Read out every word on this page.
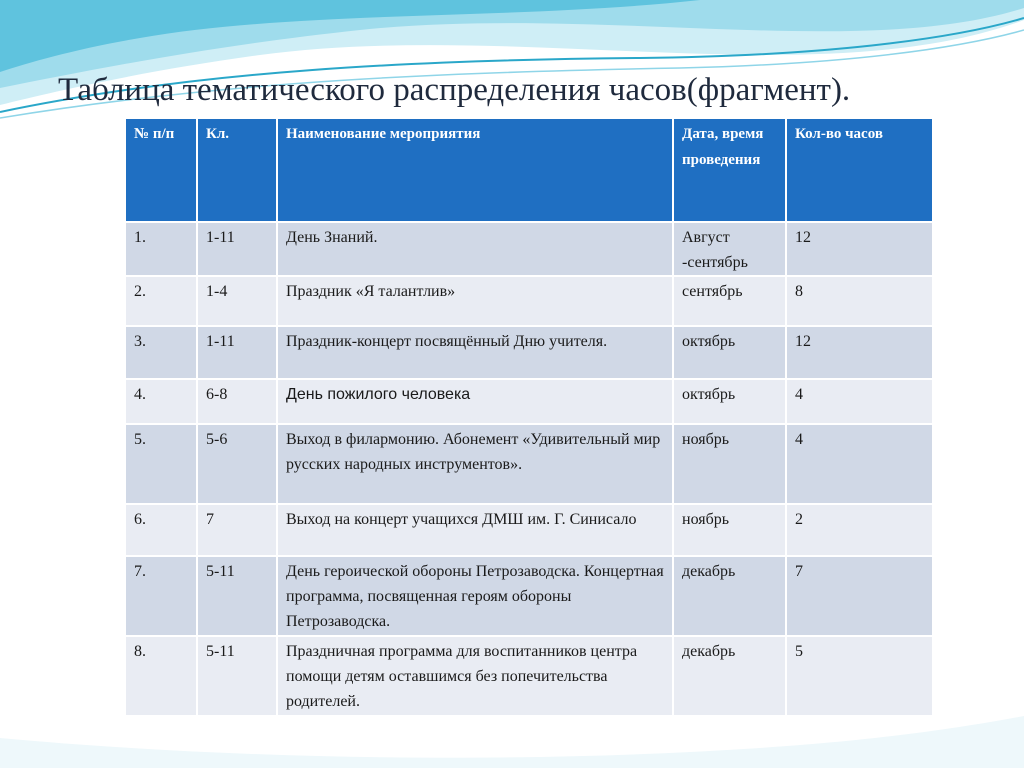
Таблица тематического распределения часов(фрагмент).
№ п/п	Кл.	Наименование мероприятия	Дата, время проведения	Кол-во часов
1.	1-11	День Знаний.	Август -сентябрь	12
2.	1-4	Праздник «Я талантлив»	сентябрь	8
3.	1-11	Праздник-концерт посвящённый Дню учителя.	октябрь	12
4.	6-8	День пожилого человека	октябрь	4
5.	5-6	Выход в филармонию. Абонемент «Удивительный мир русских народных инструментов».	ноябрь	4
6.	7	Выход на концерт учащихся ДМШ им. Г. Синисало	ноябрь	2
7.	5-11	День героической обороны Петрозаводска. Концертная программа, посвященная героям обороны Петрозаводска.	декабрь	7
8.	5-11	Праздничная программа для воспитанников центра помощи детям оставшимся без попечительства родителей.	декабрь	5
